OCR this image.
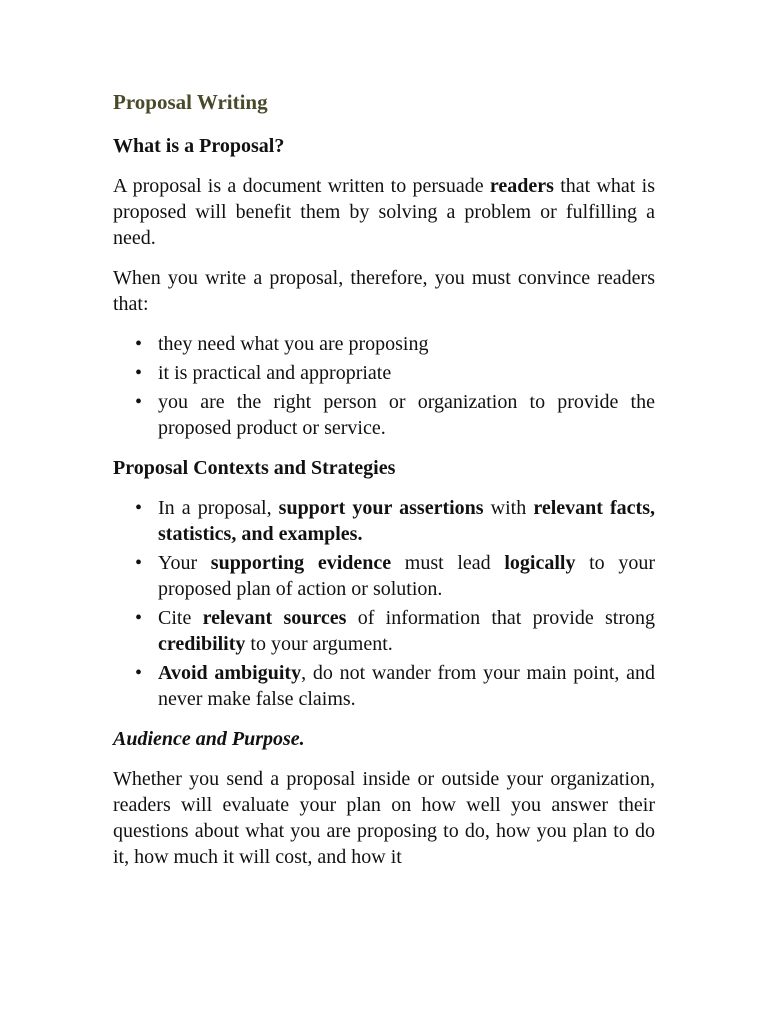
Proposal Writing
What is a Proposal?

A proposal is a document written to persuade readers that what is proposed will benefit them by solving a problem or fulfilling a need.

When you write a proposal, therefore, you must convince readers that:

• they need what you are proposing
• it is practical and appropriate
• you are the right person or organization to provide the proposed product or service.
Proposal Contexts and Strategies
• In a proposal, support your assertions with relevant facts, statistics, and examples.
• Your supporting evidence must lead logically to your proposed plan of action or solution.
• Cite relevant sources of information that provide strong credibility to your argument.
• Avoid ambiguity, do not wander from your main point, and never make false claims.
Audience and Purpose.

Whether you send a proposal inside or outside your organization, readers will evaluate your plan on how well you answer their questions about what you are proposing to do, how you plan to do it, how much it will cost, and how it
